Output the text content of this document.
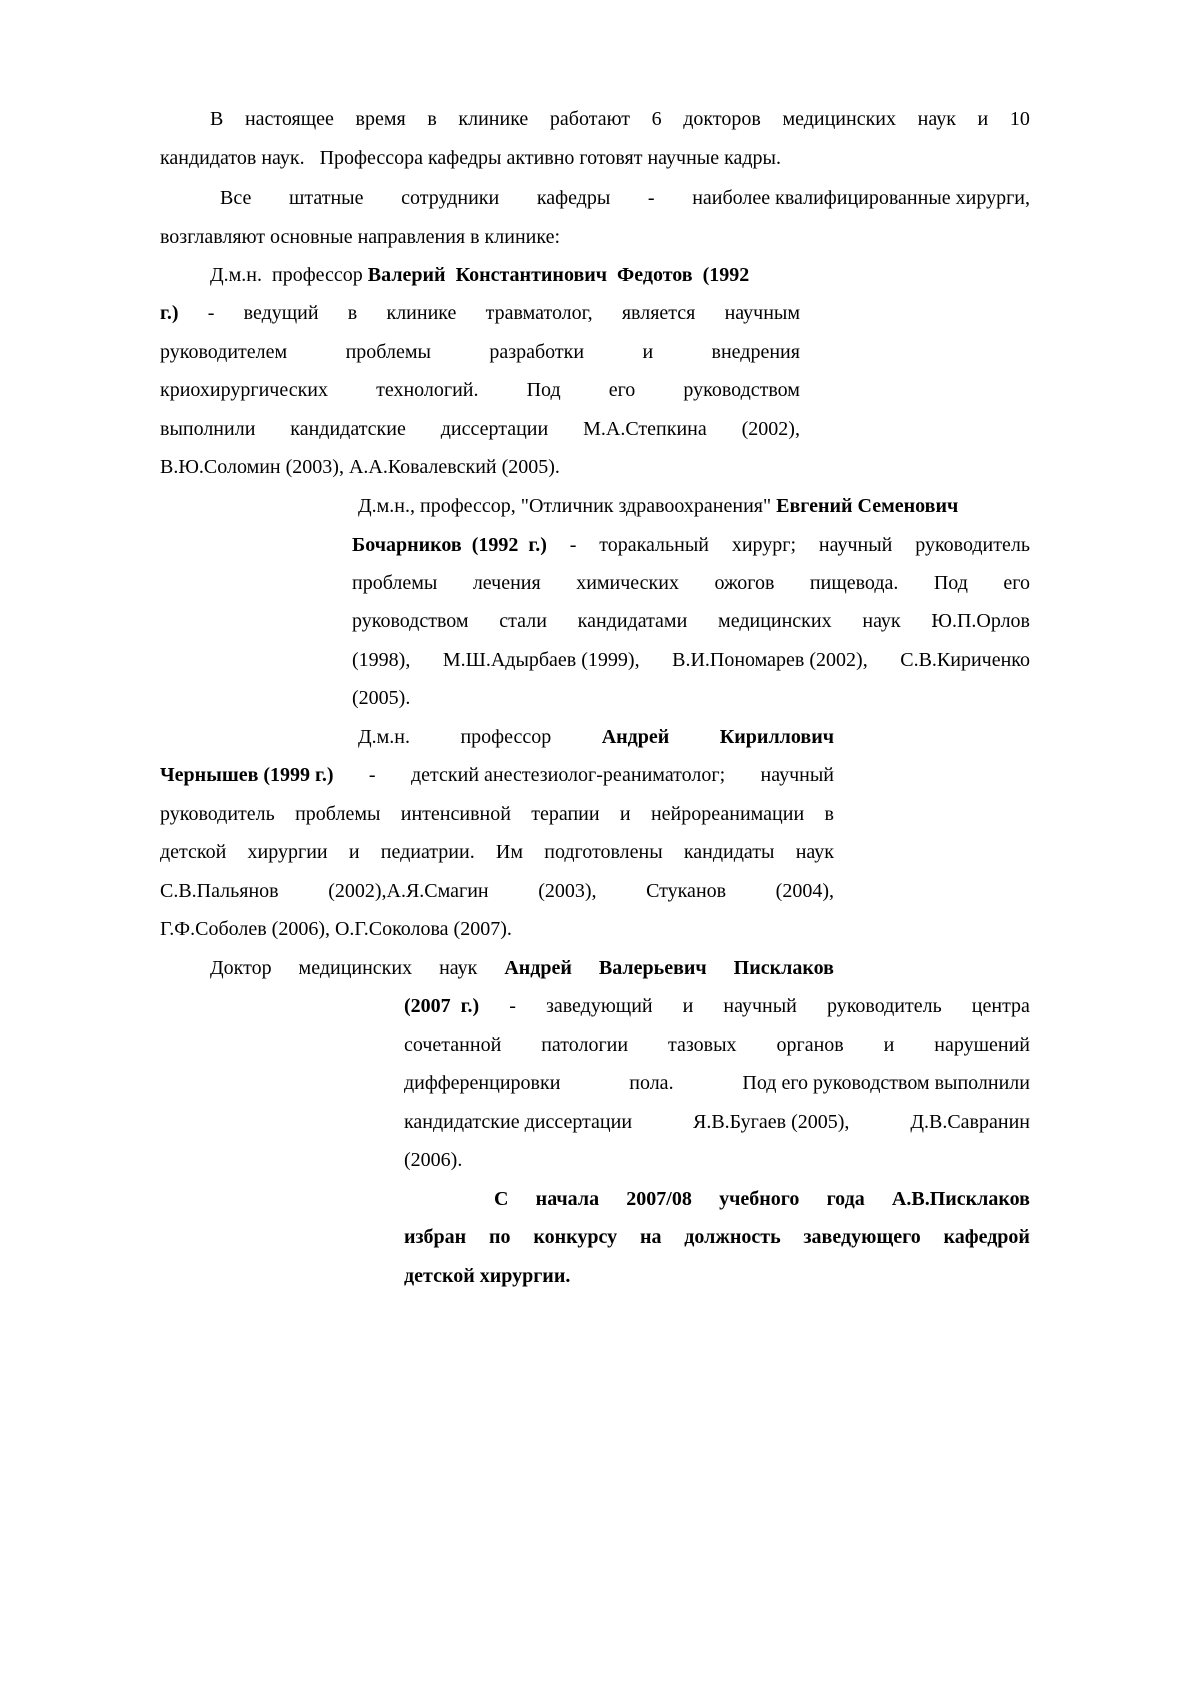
В настоящее время в клинике работают 6 докторов медицинских наук и 10

кандидатов наук.   Профессора кафедры активно готовят научные кадры.

Все штатные сотрудники кафедры - наиболее квалифицированные хирурги,

возглавляют основные направления в клинике:

Д.м.н.  профессор Валерий  Константинович  Федотов  (1992

г.) - ведущий в клинике травматолог, является научным

руководителем	проблемы	разработки	и	внедрения

криохирургических технологий. Под его руководством

выполнили кандидатские диссертации М.А.Степкина (2002),

В.Ю.Соломин (2003), А.А.Ковалевский (2005).

Д.м.н., профессор, "Отличник здравоохранения" Евгений Семенович

Бочарников  (1992  г.) - торакальный хирург; научный руководитель

проблемы лечения химических ожогов пищевода. Под его

руководством стали кандидатами медицинских наук Ю.П.Орлов

(1998), М.Ш.Адырбаев (1999), В.И.Пономарев (2002), С.В.Кириченко

(2005).

Д.м.н.	профессор	Андрей	Кириллович

Чернышев (1999 г.) - детский анестезиолог-реаниматолог; научный

руководитель проблемы интенсивной терапии и нейрореанимации в

детской хирургии и педиатрии. Им подготовлены кандидаты наук

С.В.Пальянов (2002),А.Я.Смагин (2003), Стуканов (2004),

Г.Ф.Соболев (2006), О.Г.Соколова (2007).

Доктор медицинских наук Андрей Валерьевич Писклаков

(2007  г.) - заведующий и научный руководитель центра

сочетанной патологии тазовых органов и нарушений

дифференцировки	пола.	Под его руководством выполнили

кандидатские диссертации	Я.В.Бугаев (2005),	Д.В.Савранин

(2006).

С начала 2007/08 учебного года А.В.Писклаков

избран по конкурсу на должность заведующего кафедрой

детской хирургии.
